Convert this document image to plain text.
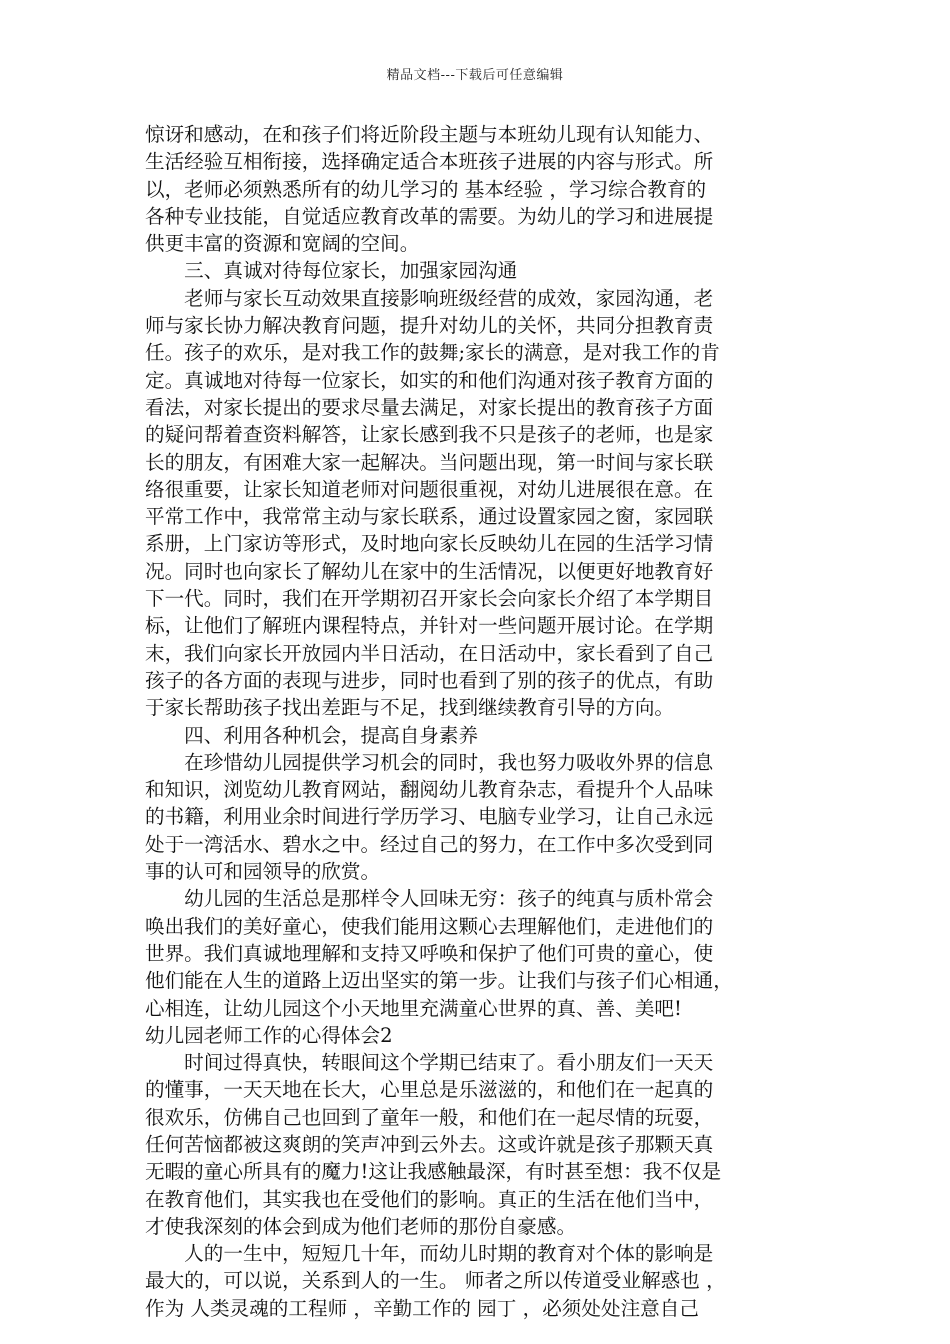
精品文档---下载后可任意编辑
惊讶和感动，在和孩子们将近阶段主题与本班幼儿现有认知能力、
生活经验互相衔接，选择确定适合本班孩子进展的内容与形式。所
以，老师必须熟悉所有的幼儿学习的 基本经验 ，学习综合教育的
各种专业技能，自觉适应教育改革的需要。为幼儿的学习和进展提
供更丰富的资源和宽阔的空间。
　　三、真诚对待每位家长，加强家园沟通
　　老师与家长互动效果直接影响班级经营的成效，家园沟通，老
师与家长协力解决教育问题，提升对幼儿的关怀，共同分担教育责
任。孩子的欢乐，是对我工作的鼓舞;家长的满意，是对我工作的肯
定。真诚地对待每一位家长，如实的和他们沟通对孩子教育方面的
看法，对家长提出的要求尽量去满足，对家长提出的教育孩子方面
的疑问帮着查资料解答，让家长感到我不只是孩子的老师，也是家
长的朋友，有困难大家一起解决。当问题出现，第一时间与家长联
络很重要，让家长知道老师对问题很重视，对幼儿进展很在意。在
平常工作中，我常常主动与家长联系，通过设置家园之窗，家园联
系册，上门家访等形式，及时地向家长反映幼儿在园的生活学习情
况。同时也向家长了解幼儿在家中的生活情况，以便更好地教育好
下一代。同时，我们在开学期初召开家长会向家长介绍了本学期目
标，让他们了解班内课程特点，并针对一些问题开展讨论。在学期
末，我们向家长开放园内半日活动，在日活动中，家长看到了自己
孩子的各方面的表现与进步，同时也看到了别的孩子的优点，有助
于家长帮助孩子找出差距与不足，找到继续教育引导的方向。
　　四、利用各种机会，提高自身素养
　　在珍惜幼儿园提供学习机会的同时，我也努力吸收外界的信息
和知识，浏览幼儿教育网站，翻阅幼儿教育杂志，看提升个人品味
的书籍，利用业余时间进行学历学习、电脑专业学习，让自己永远
处于一湾活水、碧水之中。经过自己的努力，在工作中多次受到同
事的认可和园领导的欣赏。
　　幼儿园的生活总是那样令人回味无穷：孩子的纯真与质朴常会
唤出我们的美好童心，使我们能用这颗心去理解他们，走进他们的
世界。我们真诚地理解和支持又呼唤和保护了他们可贵的童心，使
他们能在人生的道路上迈出坚实的第一步。让我们与孩子们心相通，
心相连，让幼儿园这个小天地里充满童心世界的真、善、美吧!
幼儿园老师工作的心得体会2
　　时间过得真快，转眼间这个学期已结束了。看小朋友们一天天
的懂事，一天天地在长大，心里总是乐滋滋的，和他们在一起真的
很欢乐，仿佛自己也回到了童年一般，和他们在一起尽情的玩耍，
任何苦恼都被这爽朗的笑声冲到云外去。这或许就是孩子那颗天真
无暇的童心所具有的魔力!这让我感触最深，有时甚至想：我不仅是
在教育他们，其实我也在受他们的影响。真正的生活在他们当中，
才使我深刻的体会到成为他们老师的那份自豪感。
　　人的一生中，短短几十年，而幼儿时期的教育对个体的影响是
最大的，可以说，关系到人的一生。 师者之所以传道受业解惑也 ，
作为 人类灵魂的工程师 ，辛勤工作的 园丁 ，必须处处注意自己
